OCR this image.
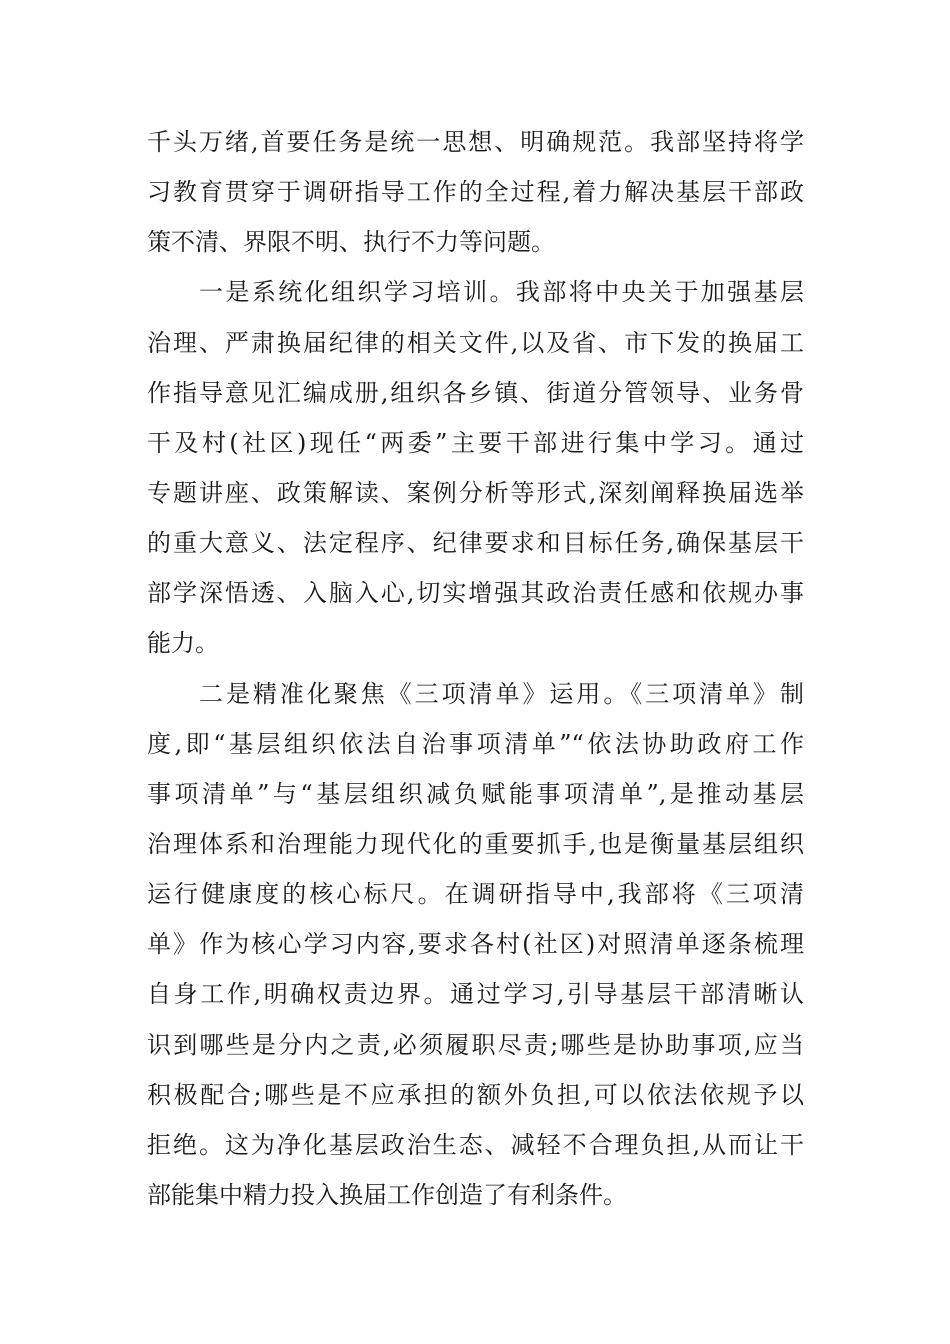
千头万绪,首要任务是统一思想、明确规范。我部坚持将学
习教育贯穿于调研指导工作的全过程,着力解决基层干部政
策不清、界限不明、执行不力等问题。
一是系统化组织学习培训。我部将中央关于加强基层
治理、严肃换届纪律的相关文件,以及省、市下发的换届工
作指导意见汇编成册,组织各乡镇、街道分管领导、业务骨
干及村(社区)现任“两委”主要干部进行集中学习。通过
专题讲座、政策解读、案例分析等形式,深刻阐释换届选举
的重大意义、法定程序、纪律要求和目标任务,确保基层干
部学深悟透、入脑入心,切实增强其政治责任感和依规办事
能力。
二是精准化聚焦《三项清单》运用。《三项清单》制
度,即“基层组织依法自治事项清单”“依法协助政府工作
事项清单”与“基层组织减负赋能事项清单”,是推动基层
治理体系和治理能力现代化的重要抓手,也是衡量基层组织
运行健康度的核心标尺。在调研指导中,我部将《三项清
单》作为核心学习内容,要求各村(社区)对照清单逐条梳理
自身工作,明确权责边界。通过学习,引导基层干部清晰认
识到哪些是分内之责,必须履职尽责;哪些是协助事项,应当
积极配合;哪些是不应承担的额外负担,可以依法依规予以
拒绝。这为净化基层政治生态、减轻不合理负担,从而让干
部能集中精力投入换届工作创造了有利条件。
